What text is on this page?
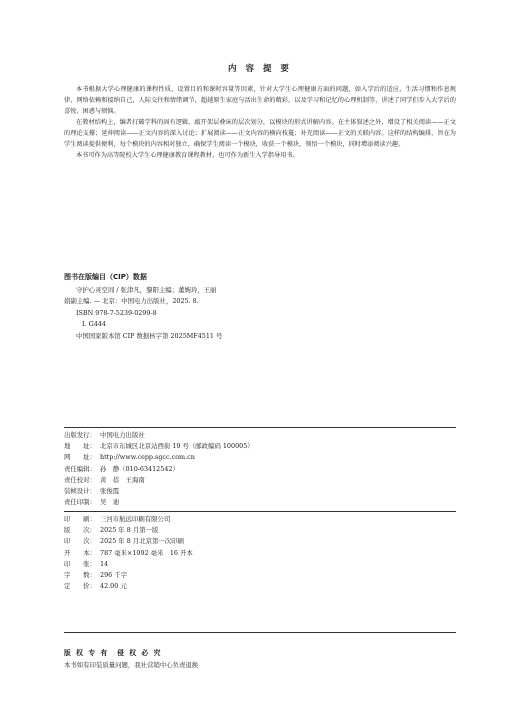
内 容 提 要

本书根据大学心理健康的课程性质、设置目的和课时容量等因素，针对大学生心理健康方面的问题，如入学后的适应，生活习惯和作息规律，网络依赖和接纳自己，人际交往和情绪调节，超越原生家庭与活出生命的精彩，以及学习和记忆的心理机制等，讲述了同学们步入大学后的喜悦、困惑与烦恼。

在教材结构上，编者打破学科的固有逻辑，敲开架层叠床的层次划分，以模块的形式讲解内容。在主体叙述之外，增设了相关阅读——正文的理论支撑；延伸阅读——正文内容的深入讨论；扩展阅读——正文内容的横向枝蔓；补充阅读——正文的关联内容。这样的结构编排，旨在为学生阅读提供便利，每个模块的内容相对独立，确保学生阅读一个模块，收获一个模块，领悟一个模块，同时增添阅读兴趣。

本书可作为高等院校大学生心理健康教育课程教材，也可作为新生入学指导用书。

图书在版编目（CIP）数据
守护心灵空间 / 张津凡，黎阳主编；董婉玲，王丽
娟副主编. — 北京：中国电力出版社，2025. 8.
ISBN 978-7-5239-0299-8
Ⅰ. G444
中国国家版本馆 CIP 数据核字第 2025MF4511 号
出版发行： 中国电力出版社
地　　址： 北京市东城区北京站西街 19 号（邮政编码 100005）
网　　址： http://www.cepp.sgcc.com.cn
责任编辑： 孙　静（010-63412542）
责任校对： 黄　蓓　王海南
装帧设计： 张俊霞
责任印制： 吴　迪
印　　刷： 三河市航远印刷有限公司
版　　次： 2025 年 8 月第一版
印　　次： 2025 年 8 月北京第一次印刷
开　　本： 787 毫米×1092 毫米　16 开本
印　　张： 14
字　　数： 296 千字
定　　价： 42.00 元
版 权 专 有　侵 权 必 究
本书如有印装质量问题，我社营销中心负责退换
